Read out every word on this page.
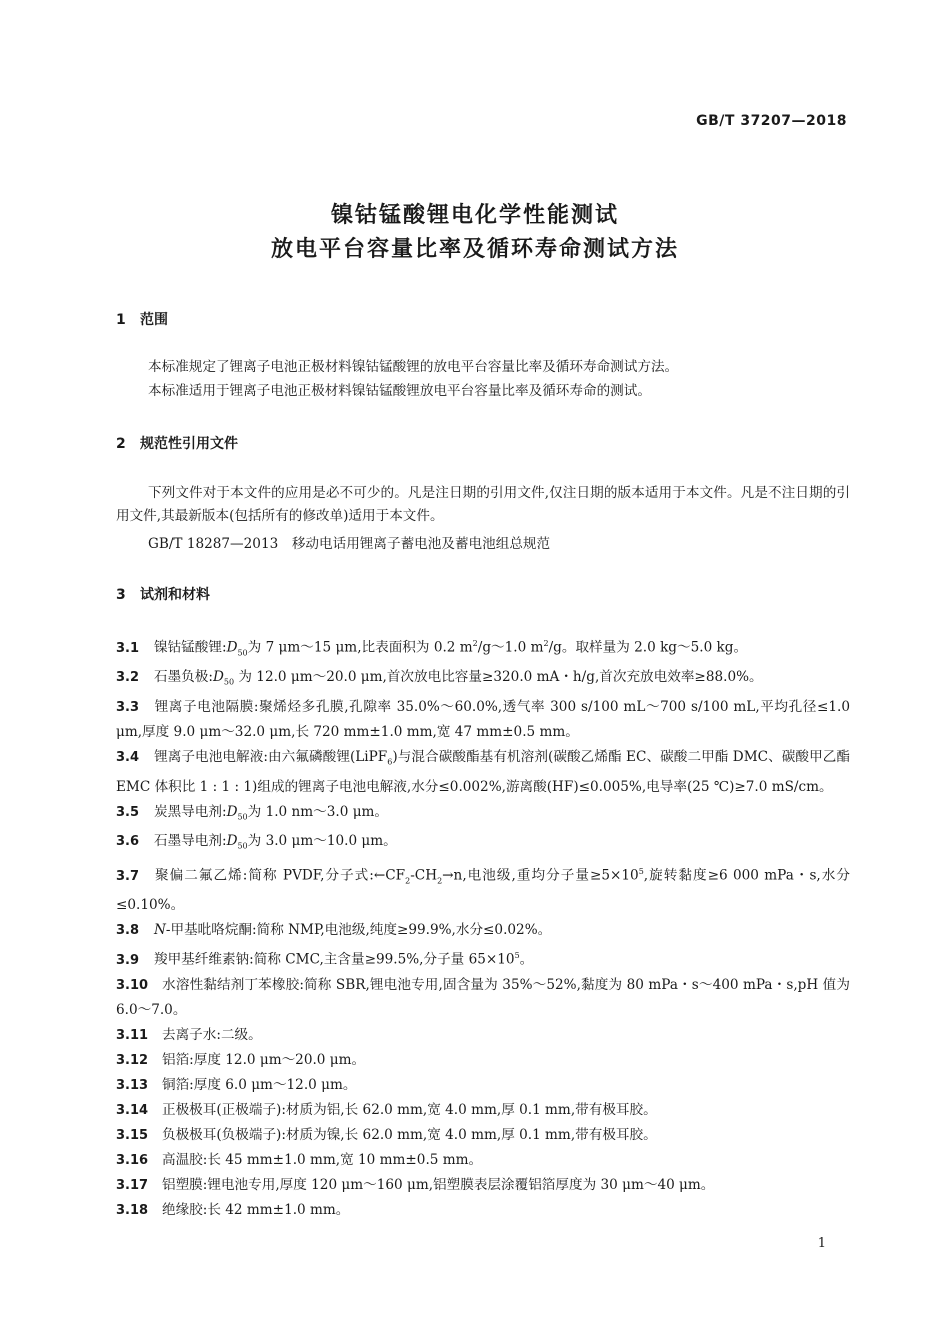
GB/T 37207—2018
镍钴锰酸锂电化学性能测试
放电平台容量比率及循环寿命测试方法
1 范围
本标准规定了锂离子电池正极材料镍钴锰酸锂的放电平台容量比率及循环寿命测试方法。
本标准适用于锂离子电池正极材料镍钴锰酸锂放电平台容量比率及循环寿命的测试。
2 规范性引用文件
下列文件对于本文件的应用是必不可少的。凡是注日期的引用文件,仅注日期的版本适用于本文件。凡是不注日期的引用文件,其最新版本(包括所有的修改单)适用于本文件。
GB/T 18287—2013　移动电话用锂离子蓄电池及蓄电池组总规范
3 试剂和材料
3.1 镍钴锰酸锂$:D_{50}$为 7 μm～15 μm,比表面积为 0.2 $m^2/g\sim 1.0$ $m^2/g$。取样量为 2.0 kg～5.0 kg。
3.2 石墨负极$:D_{50}$ 为 12.0 μm～20.0 μm,首次放电比容量≥320.0 mA・h/g,首次充放电效率≥88.0%。
3.3 锂离子电池隔膜:聚烯烃多孔膜,孔隙率 35.0%～60.0%,透气率 300 s/100 mL～700 s/100 mL,平均孔径≤1.0 μm,厚度 9.0 μm～32.0 μm,长 720 mm±1.0 mm,宽 47 mm±0.5 mm。
3.4 锂离子电池电解液:由六氟磷酸锂(LiPF$_6$)与混合碳酸酯基有机溶剂(碳酸乙烯酯 EC、碳酸二甲酯 DMC、碳酸甲乙酯 EMC 体积比 1 : 1 : 1)组成的锂离子电池电解液,水分≤0.002%,游离酸(HF)≤0.005%,电导率(25 ℃)≥7.0 mS/cm。
3.5 炭黑导电剂$:D_{50}$为 1.0 nm～3.0 μm。
3.6 石墨导电剂$:D_{50}$为 3.0 μm～10.0 μm。
3.7 聚偏二氟乙烯:简称 PVDF,分子式$:\leftarrow CF_2-CH_2\to n$,电池级,重均分子量$\ge 5\times 10^5$,旋转黏度≥6 000 mPa・s,水分≤0.10%。
3.8 N-甲基吡咯烷酮:简称 NMP,电池级,纯度≥99.9%,水分≤0.02%。
3.9 羧甲基纤维素钠:简称 CMC,主含量≥99.5%,分子量 $65\times 10^5$。
3.10 水溶性黏结剂丁苯橡胶:简称 SBR,锂电池专用,固含量为 35%～52%,黏度为 80 mPa・s～400 mPa・s,pH 值为 6.0～7.0。
3.11 去离子水:二级。
3.12 铝箔:厚度 12.0 μm～20.0 μm。
3.13 铜箔:厚度 6.0 μm～12.0 μm。
3.14 正极极耳(正极端子):材质为铝,长 62.0 mm,宽 4.0 mm,厚 0.1 mm,带有极耳胶。
3.15 负极极耳(负极端子):材质为镍,长 62.0 mm,宽 4.0 mm,厚 0.1 mm,带有极耳胶。
3.16 高温胶:长 45 mm±1.0 mm,宽 10 mm±0.5 mm。
3.17 铝塑膜:锂电池专用,厚度 120 μm～160 μm,铝塑膜表层涂覆铝箔厚度为 30 μm～40 μm。
3.18 绝缘胶:长 42 mm±1.0 mm。
1
